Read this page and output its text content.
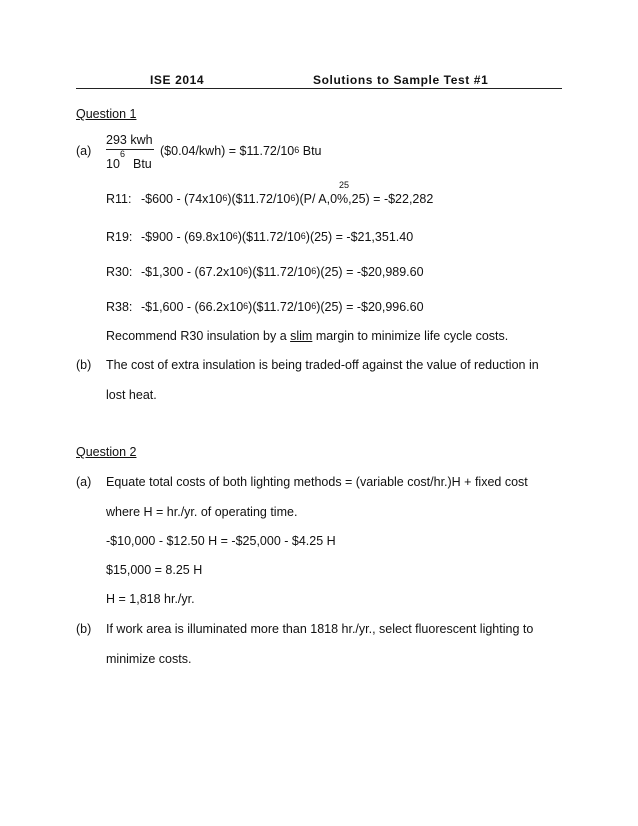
ISE 2014	Solutions to Sample Test #1
Question 1
(a)
293 kwh
10
6
Btu
($0.04/kwh) = $\$11.72/10^6$ Btu
25
R11: -$600 - $(74x10^6)(\$11.72/10^6)(P/$ A,0%,25) = -$22,282
R19: -$900 - $(69.8x10^6)(\$11.72/10^6)(25)$ = -$21,351.40
R30: -$1,300 - $(67.2x10^6)(\$11.72/10^6)(25)$ = -$20,989.60
R38: -$1,600 - $(66.2x10^6)(\$11.72/10^6)(25)$ = -$20,996.60
Recommend R30 insulation by a slim margin to minimize life cycle costs.
(b) The cost of extra insulation is being traded-off against the value of reduction in
lost heat.
Question 2
(a) Equate total costs of both lighting methods = (variable cost/hr.)H + fixed cost
where H = hr./yr. of operating time.
-$10,000 - $12.50 H = -$25,000 - $4.25 H
$15,000 = 8.25 H
H = 1,818 hr./yr.
(b) If work area is illuminated more than 1818 hr./yr., select fluorescent lighting to
minimize costs.
